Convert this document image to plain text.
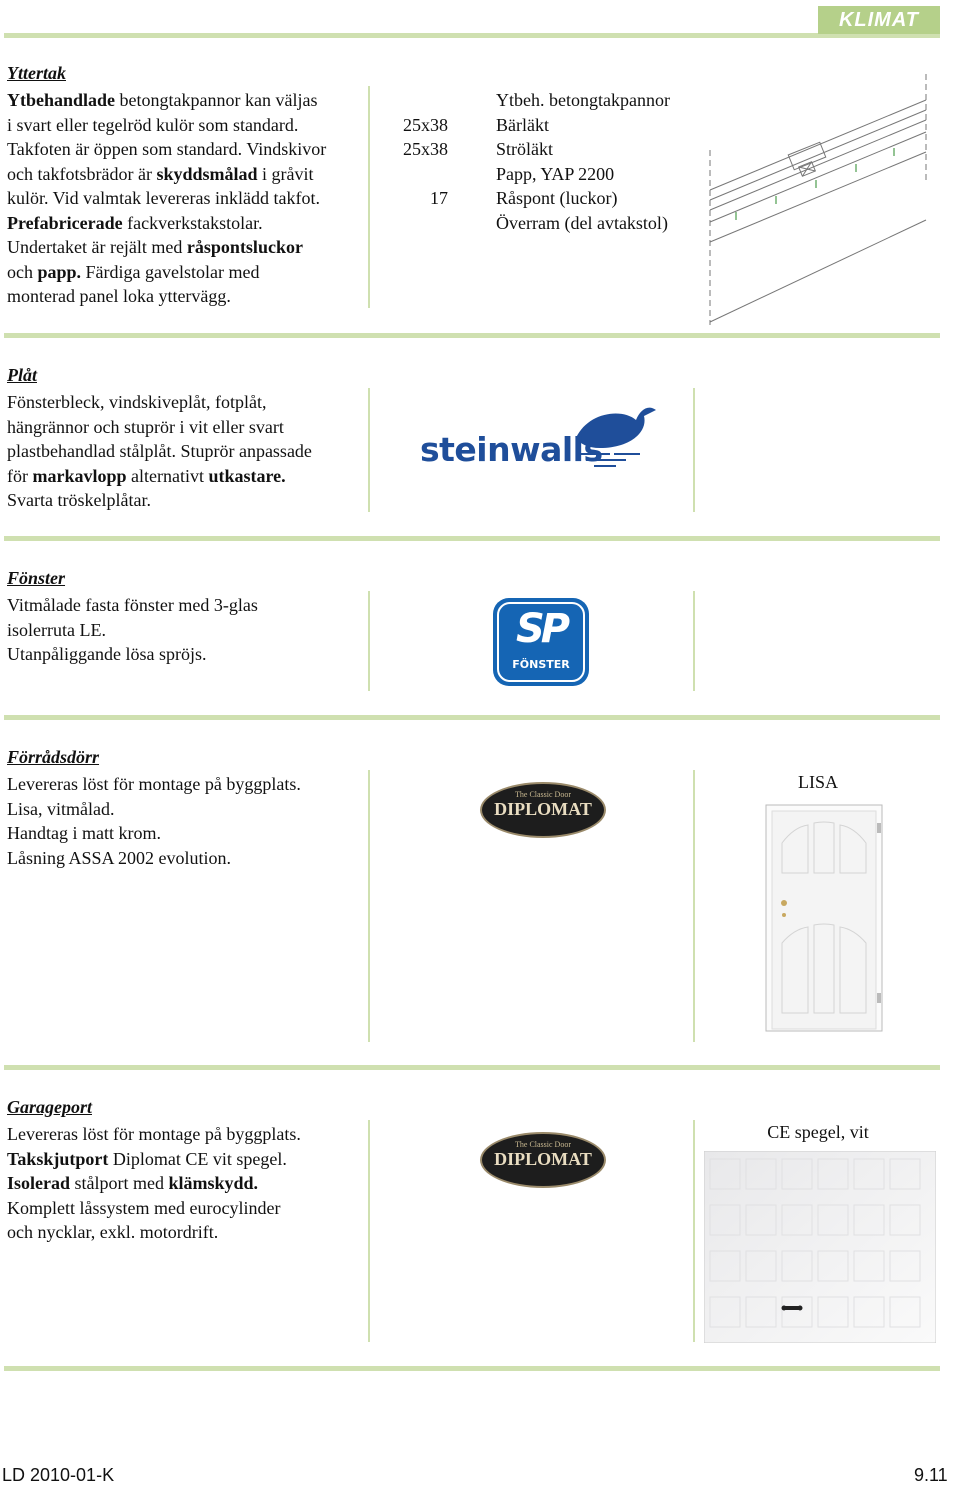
KLIMAT
Yttertak
Ytbehandlade betongtakpannor kan väljas
i svart eller tegelröd kulör som standard.
Takfoten är öppen som standard. Vindskivor
och takfotsbrädor är skyddsmålad i gråvit
kulör. Vid valmtak levereras inklädd takfot.
Prefabricerade fackverkstakstolar.
Undertaket är rejält med råspontsluckor
och papp. Färdiga gavelstolar med
monterad panel loka yttervägg.

25x38
25x38

17

Ytbeh. betongtakpannor
Bärläkt
Ströläkt
Papp, YAP 2200
Råspont (luckor)
Överram (del avtakstol)
Plåt
Fönsterbleck, vindskiveplåt, fotplåt,
hängrännor och stuprör i vit eller svart
plastbehandlad stålplåt. Stuprör anpassade
för markavlopp alternativt utkastare.
Svarta tröskelplåtar.
steinwalls
Fönster
Vitmålade fasta fönster med 3-glas
isolerruta LE.
Utanpåliggande lösa spröjs.
SP
FÖNSTER
Förrådsdörr
Levereras löst för montage på byggplats.
Lisa, vitmålad.
Handtag i matt krom.
Låsning ASSA 2002 evolution.
The Classic Door
DIPLOMAT
LISA
Garageport
Levereras löst för montage på byggplats.
Takskjutport Diplomat CE vit spegel.
Isolerad stålport med klämskydd.
Komplett låssystem med eurocylinder
och nycklar, exkl. motordrift.
The Classic Door
DIPLOMAT
CE spegel, vit
LD 2010-01-K	9.11
